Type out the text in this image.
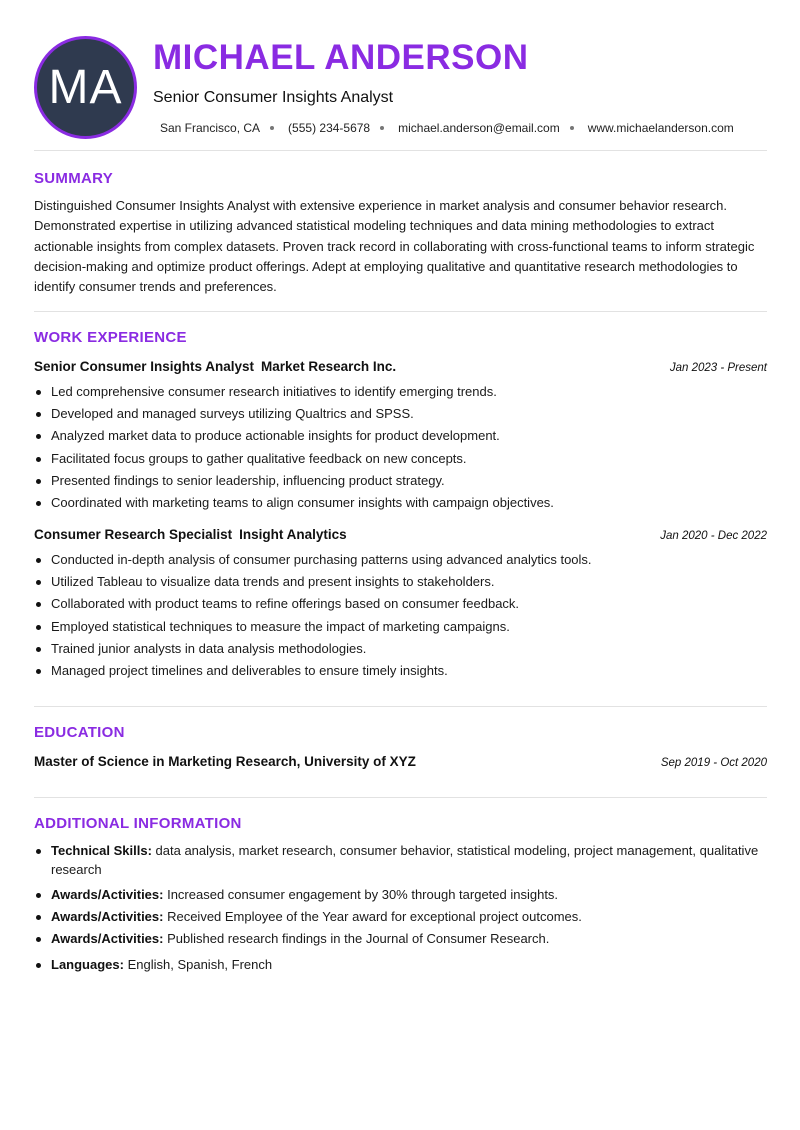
MA
MICHAEL ANDERSON
Senior Consumer Insights Analyst
San Francisco, CA (555) 234-5678 michael.anderson@email.com www.michaelanderson.com
SUMMARY
Distinguished Consumer Insights Analyst with extensive experience in market analysis and consumer behavior research. Demonstrated expertise in utilizing advanced statistical modeling techniques and data mining methodologies to extract actionable insights from complex datasets. Proven track record in collaborating with cross-functional teams to inform strategic decision-making and optimize product offerings. Adept at employing qualitative and quantitative research methodologies to identify consumer trends and preferences.
WORK EXPERIENCE
Senior Consumer Insights Analyst Market Research Inc.	Jan 2023 - Present
Led comprehensive consumer research initiatives to identify emerging trends.
Developed and managed surveys utilizing Qualtrics and SPSS.
Analyzed market data to produce actionable insights for product development.
Facilitated focus groups to gather qualitative feedback on new concepts.
Presented findings to senior leadership, influencing product strategy.
Coordinated with marketing teams to align consumer insights with campaign objectives.
Consumer Research Specialist Insight Analytics	Jan 2020 - Dec 2022
Conducted in-depth analysis of consumer purchasing patterns using advanced analytics tools.
Utilized Tableau to visualize data trends and present insights to stakeholders.
Collaborated with product teams to refine offerings based on consumer feedback.
Employed statistical techniques to measure the impact of marketing campaigns.
Trained junior analysts in data analysis methodologies.
Managed project timelines and deliverables to ensure timely insights.
EDUCATION
Master of Science in Marketing Research, University of XYZ	Sep 2019 - Oct 2020
ADDITIONAL INFORMATION
Technical Skills: data analysis, market research, consumer behavior, statistical modeling, project management, qualitative research
Awards/Activities: Increased consumer engagement by 30% through targeted insights.
Awards/Activities: Received Employee of the Year award for exceptional project outcomes.
Awards/Activities: Published research findings in the Journal of Consumer Research.
Languages: English, Spanish, French
